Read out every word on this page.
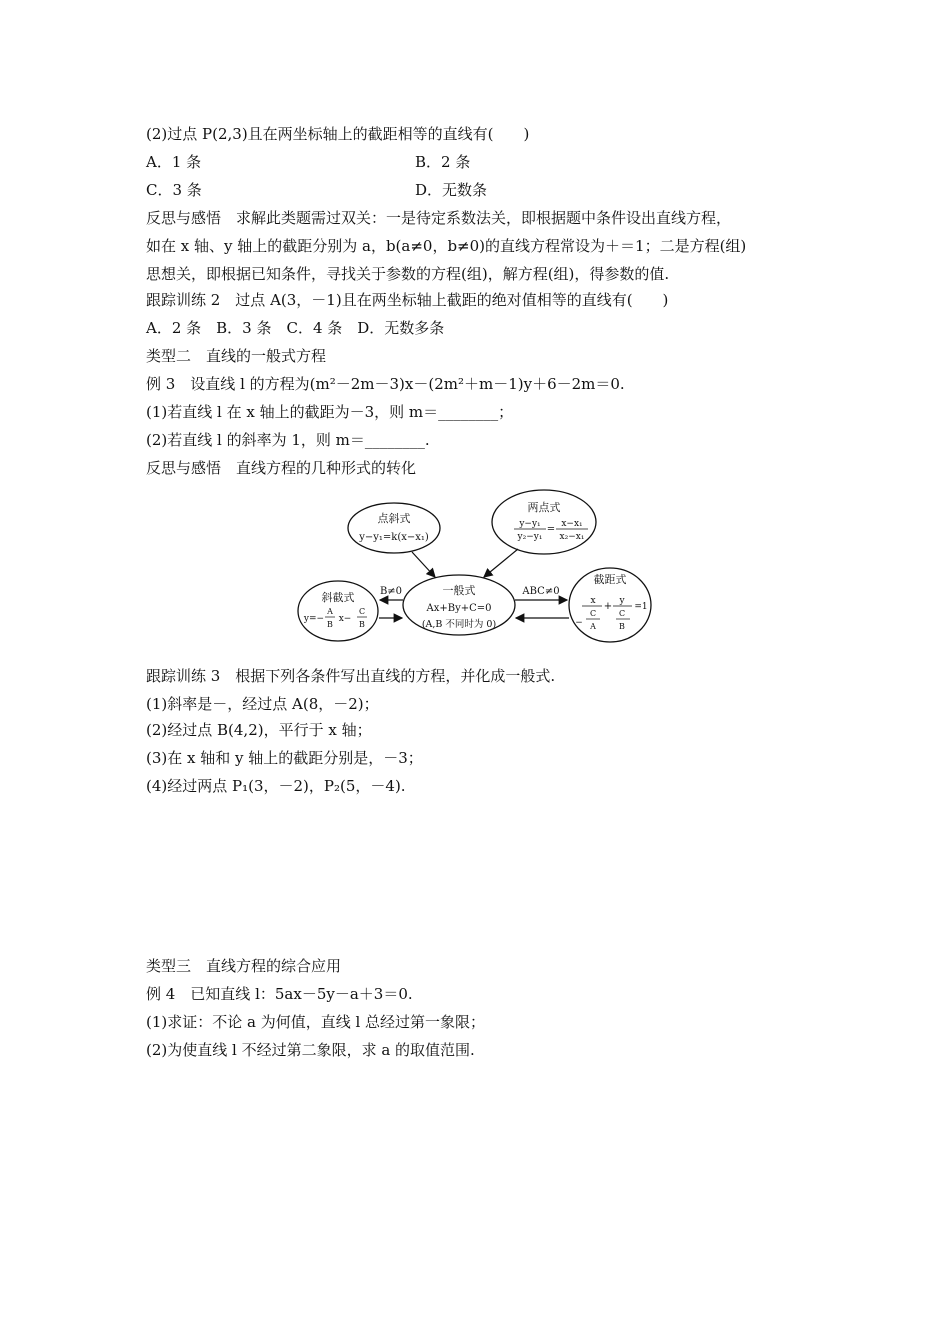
(2)过点 P(2,3)且在两坐标轴上的截距相等的直线有(　　)
A．1 条	B．2 条
C．3 条	D．无数条
反思与感悟　求解此类题需过双关：一是待定系数法关，即根据题中条件设出直线方程，
如在 x 轴、y 轴上的截距分别为 a，b(a≠0，b≠0)的直线方程常设为＋＝1；二是方程(组)
思想关，即根据已知条件，寻找关于参数的方程(组)，解方程(组)，得参数的值.
跟踪训练 2　过点 A(3，－1)且在两坐标轴上截距的绝对值相等的直线有(　　)
A．2 条　B．3 条　C．4 条　D．无数多条
类型二　直线的一般式方程
例 3　设直线 l 的方程为(m²－2m－3)x－(2m²＋m－1)y＋6－2m＝0.
(1)若直线 l 在 x 轴上的截距为－3，则 m＝________；
(2)若直线 l 的斜率为 1，则 m＝________.
反思与感悟　直线方程的几种形式的转化
点斜式
y−y₁=k(x−x₁)
两点式
y−y₁
y₂−y₁
= x−x₁
x₂−x₁
斜截式
y=−
A
B
x−
C
B
一般式
Ax+By+C=0
(A,B 不同时为 0)
截距式
x
C
− A
+ y
C
B
=1
B≠0	ABC≠0
跟踪训练 3　根据下列各条件写出直线的方程，并化成一般式.
(1)斜率是－，经过点 A(8，－2)；
(2)经过点 B(4,2)，平行于 x 轴；
(3)在 x 轴和 y 轴上的截距分别是，－3；
(4)经过两点 P₁(3，－2)，P₂(5，－4).
类型三　直线方程的综合应用
例 4　已知直线 l：5ax－5y－a＋3＝0.
(1)求证：不论 a 为何值，直线 l 总经过第一象限；
(2)为使直线 l 不经过第二象限，求 a 的取值范围.
